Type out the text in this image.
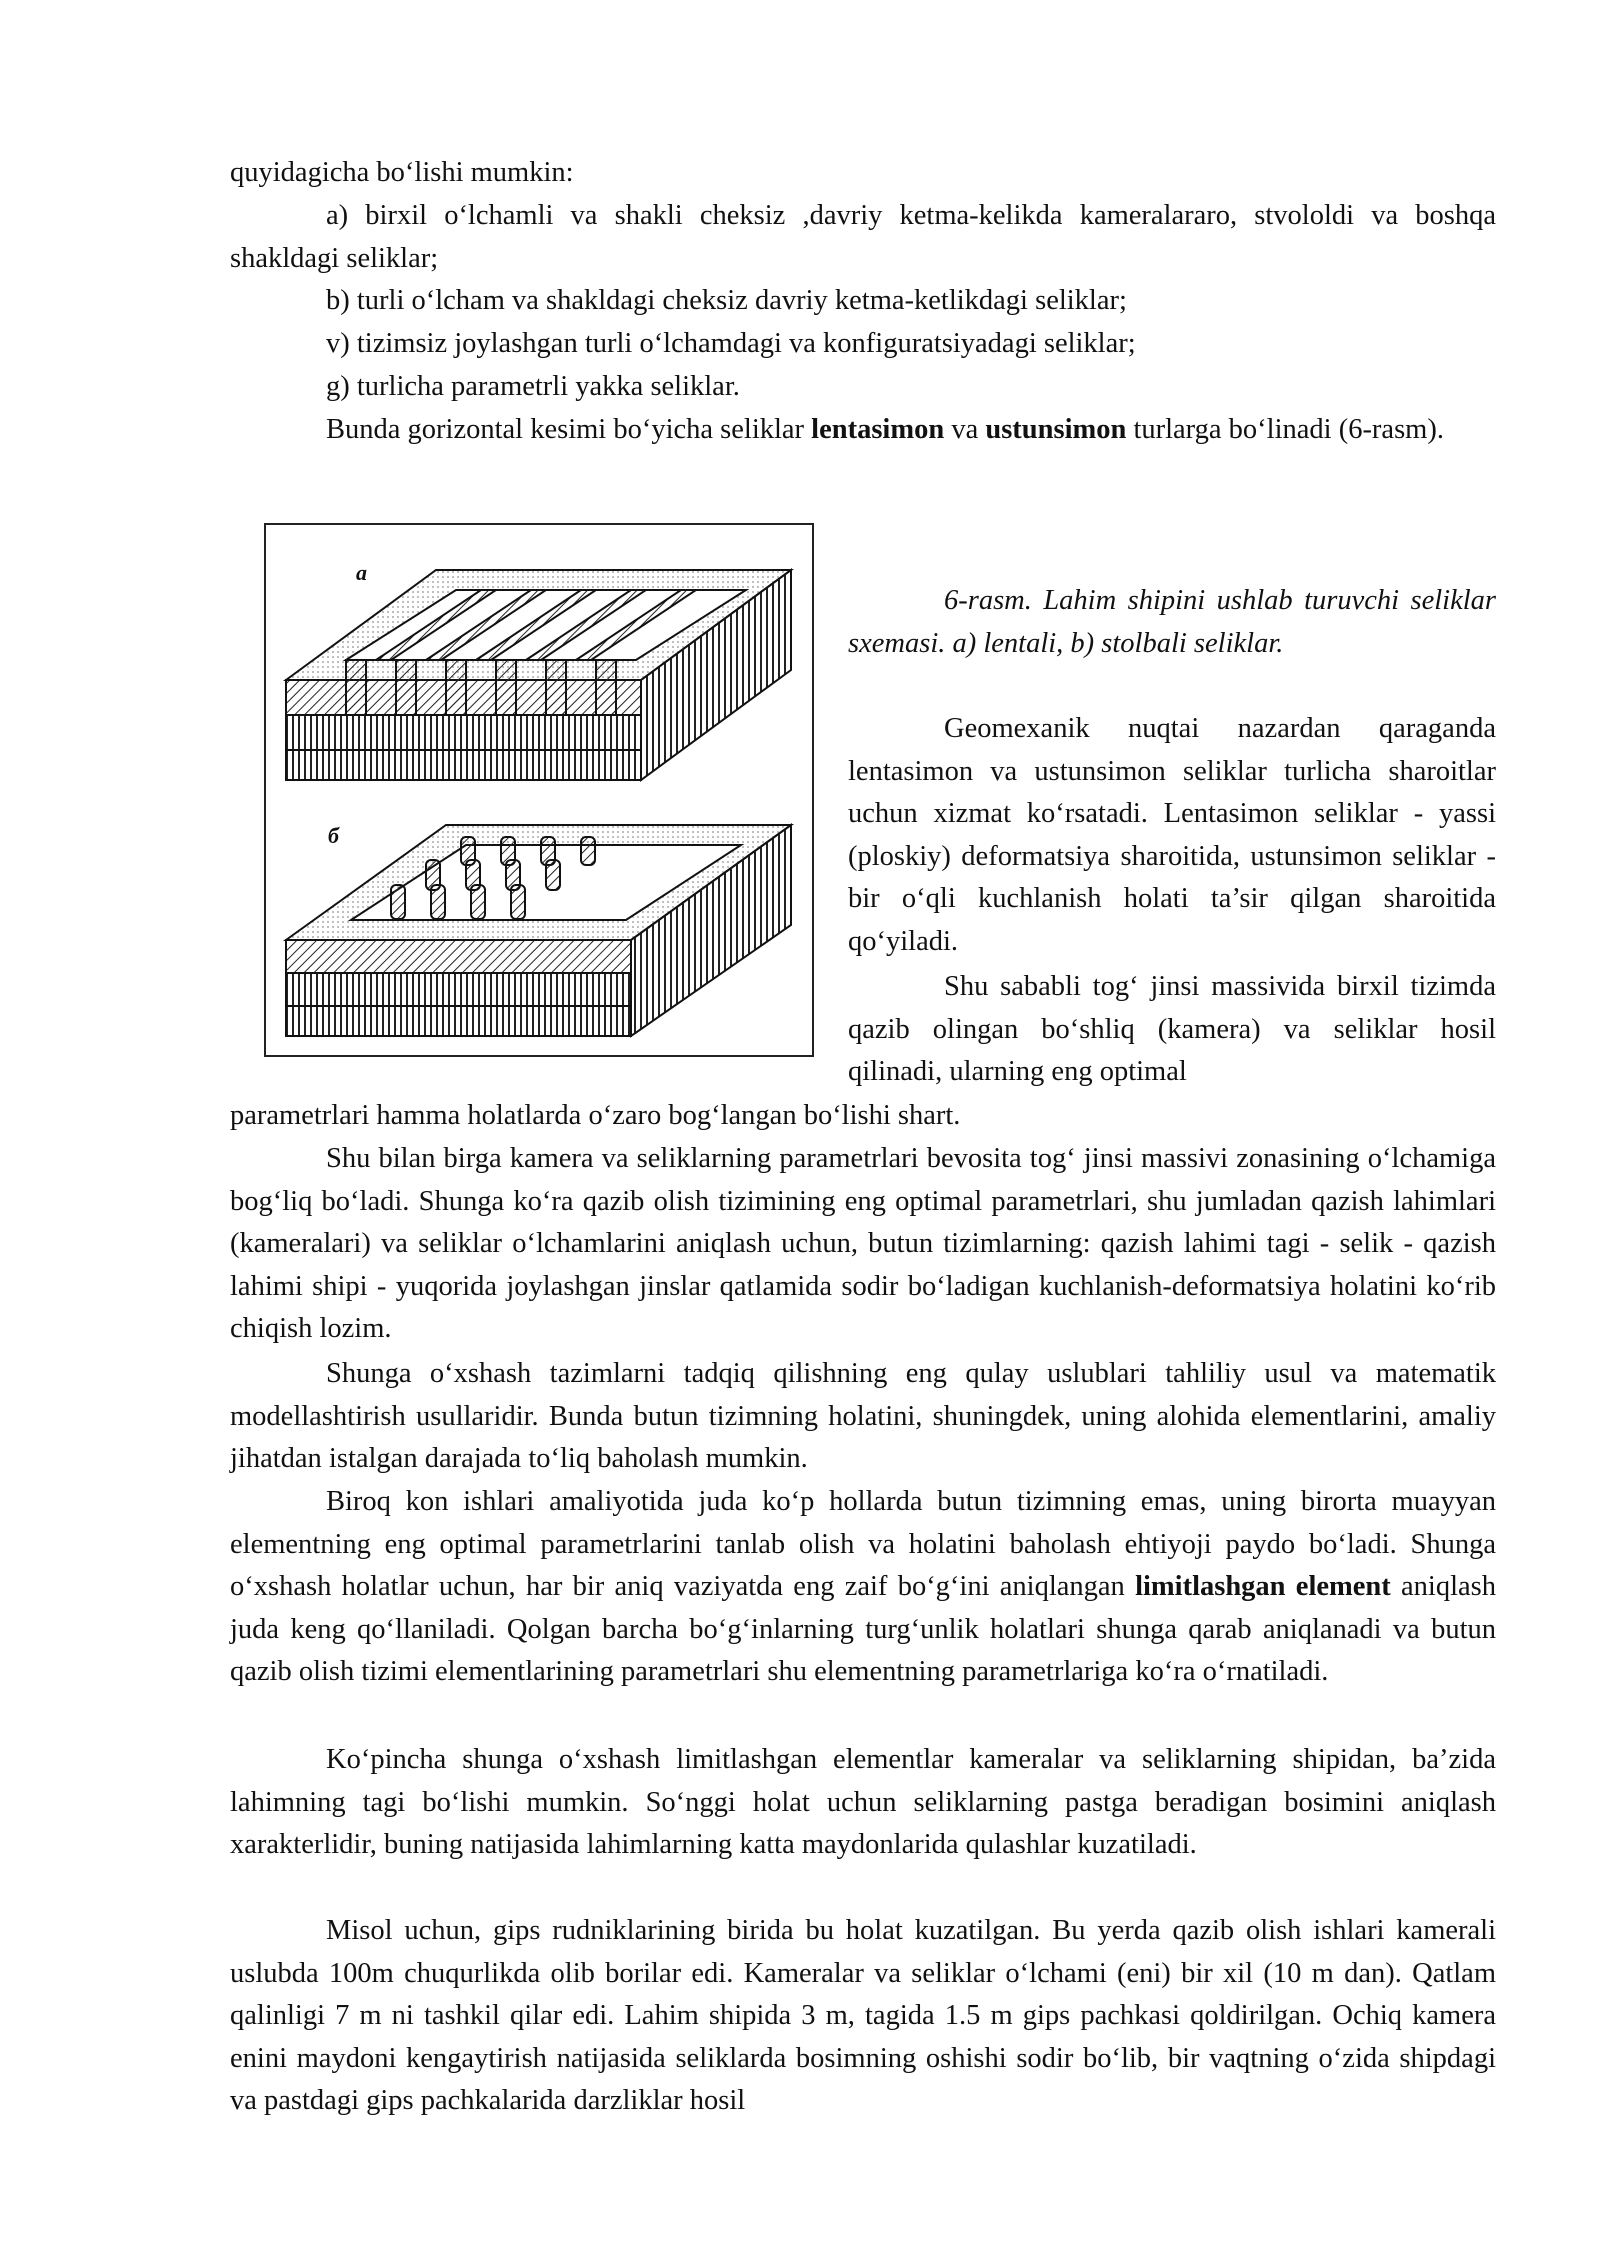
quyidagicha bo‘lishi mumkin:

a) birxil o‘lchamli va shakli cheksiz ,davriy ketma-kelikda kameralararo, stvololdi va boshqa shakldagi seliklar;

b) turli o‘lcham va shakldagi cheksiz davriy ketma-ketlikdagi seliklar;

v) tizimsiz joylashgan turli o‘lchamdagi va konfiguratsiyadagi seliklar;

g) turlicha parametrli yakka seliklar.

Bunda gorizontal kesimi bo‘yicha seliklar lentasimon va ustunsimon turlarga bo‘linadi (6-rasm).

a
б

6-rasm. Lahim shipini ushlab turuvchi seliklar sxemasi. a) lentali, b) stolbali seliklar.

Geomexanik nuqtai nazardan qaraganda lentasimon va ustunsimon seliklar turlicha sharoitlar uchun xizmat ko‘rsatadi. Lentasimon seliklar - yassi (ploskiy) deformatsiya sharoitida, ustunsimon seliklar - bir o‘qli kuchlanish holati ta’sir qilgan sharoitida qo‘yiladi.

Shu sababli tog‘ jinsi massivida birxil tizimda qazib olingan bo‘shliq (kamera) va seliklar hosil qilinadi, ularning eng optimal

parametrlari hamma holatlarda o‘zaro bog‘langan bo‘lishi shart.

Shu bilan birga kamera va seliklarning parametrlari bevosita tog‘ jinsi massivi zonasining o‘lchamiga bog‘liq bo‘ladi. Shunga ko‘ra qazib olish tizimining eng optimal parametrlari, shu jumladan qazish lahimlari (kameralari) va seliklar o‘lchamlarini aniqlash uchun, butun tizimlarning: qazish lahimi tagi - selik - qazish lahimi shipi - yuqorida joylashgan jinslar qatlamida sodir bo‘ladigan kuchlanish-deformatsiya holatini ko‘rib chiqish lozim.

Shunga o‘xshash tazimlarni tadqiq qilishning eng qulay uslublari tahliliy usul va matematik modellashtirish usullaridir. Bunda butun tizimning holatini, shuningdek, uning alohida elementlarini, amaliy jihatdan istalgan darajada to‘liq baholash mumkin.

Biroq kon ishlari amaliyotida juda ko‘p hollarda butun tizimning emas, uning birorta muayyan elementning eng optimal parametrlarini tanlab olish va holatini baholash ehtiyoji paydo bo‘ladi. Shunga o‘xshash holatlar uchun, har bir aniq vaziyatda eng zaif bo‘g‘ini aniqlangan limitlashgan element aniqlash juda keng qo‘llaniladi. Qolgan barcha bo‘g‘inlarning turg‘unlik holatlari shunga qarab aniqlanadi va butun qazib olish tizimi elementlarining parametrlari shu elementning parametrlariga ko‘ra o‘rnatiladi.

Ko‘pincha shunga o‘xshash limitlashgan elementlar kameralar va seliklarning shipidan, ba’zida lahimning tagi bo‘lishi mumkin. So‘nggi holat uchun seliklarning pastga beradigan bosimini aniqlash xarakterlidir, buning natijasida lahimlarning katta maydonlarida qulashlar kuzatiladi.

Misol uchun, gips rudniklarining birida bu holat kuzatilgan. Bu yerda qazib olish ishlari kamerali uslubda 100m chuqurlikda olib borilar edi. Kameralar va seliklar o‘lchami (eni) bir xil (10 m dan). Qatlam qalinligi 7 m ni tashkil qilar edi. Lahim shipida 3 m, tagida 1.5 m gips pachkasi qoldirilgan. Ochiq kamera enini maydoni kengaytirish natijasida seliklarda bosimning oshishi sodir bo‘lib, bir vaqtning o‘zida shipdagi va pastdagi gips pachkalarida darzliklar hosil
